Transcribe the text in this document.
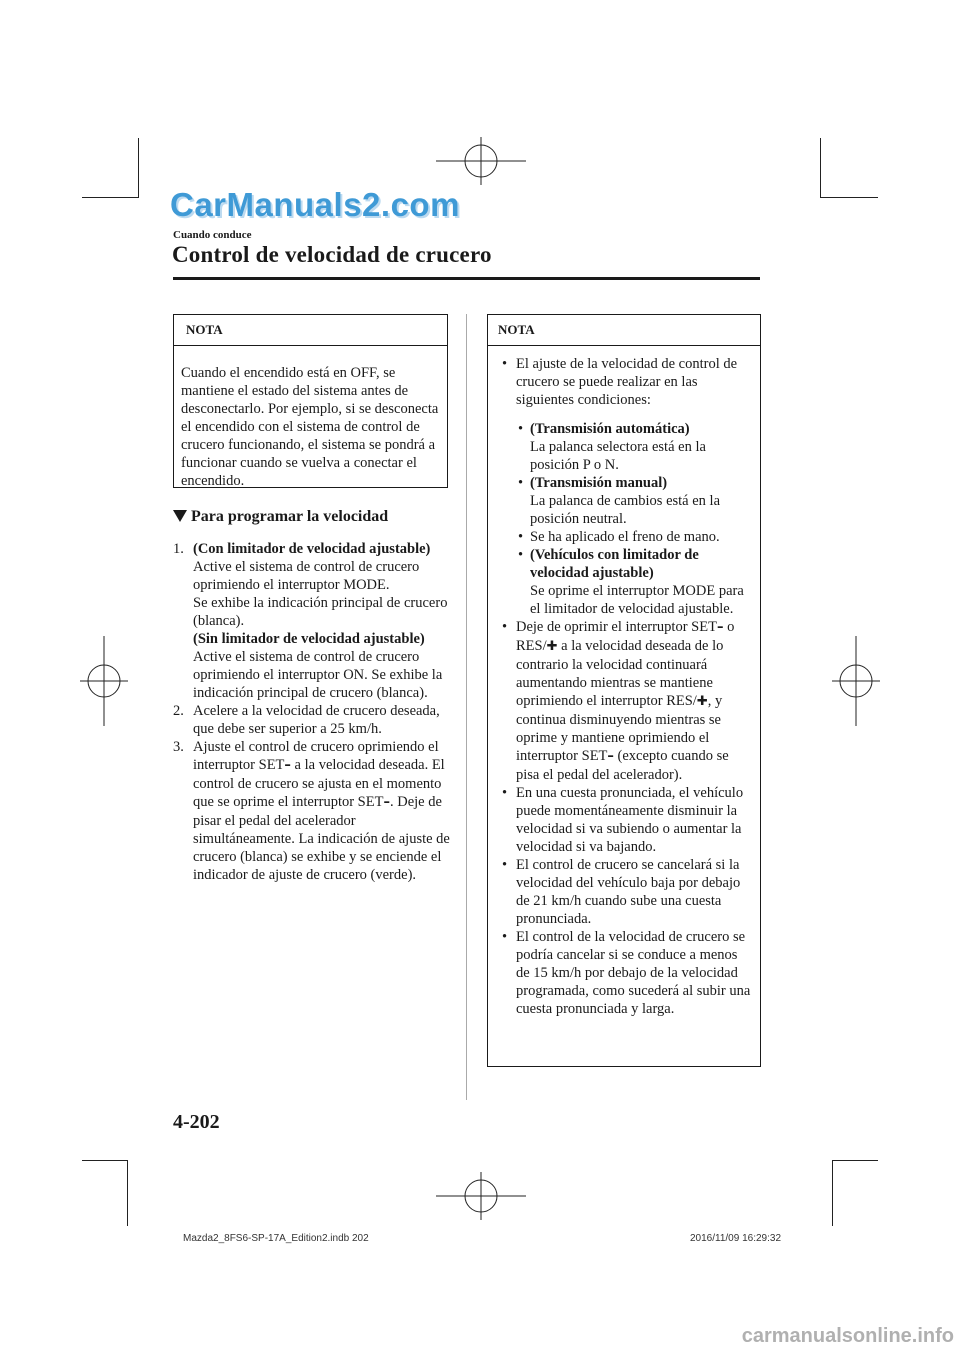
CarManuals2.com
Cuando conduce
Control de velocidad de crucero
NOTA
Cuando el encendido está en OFF, se mantiene el estado del sistema antes de desconectarlo. Por ejemplo, si se desconecta el encendido con el sistema de control de crucero funcionando, el sistema se pondrá a funcionar cuando se vuelva a conectar el encendido.
Para programar la velocidad
1. (Con limitador de velocidad ajustable)
Active el sistema de control de crucero oprimiendo el interruptor MODE.
Se exhibe la indicación principal de crucero (blanca).
(Sin limitador de velocidad ajustable)
Active el sistema de control de crucero oprimiendo el interruptor ON. Se exhibe la indicación principal de crucero (blanca).
2. Acelere a la velocidad de crucero deseada, que debe ser superior a 25 km/h.
3. Ajuste el control de crucero oprimiendo el interruptor SET– a la velocidad deseada. El control de crucero se ajusta en el momento que se oprime el interruptor SET–. Deje de pisar el pedal del acelerador simultáneamente. La indicación de ajuste de crucero (blanca) se exhibe y se enciende el indicador de ajuste de crucero (verde).
NOTA
• El ajuste de la velocidad de control de crucero se puede realizar en las siguientes condiciones:
• (Transmisión automática)
La palanca selectora está en la posición P o N.
• (Transmisión manual)
La palanca de cambios está en la posición neutral.
• Se ha aplicado el freno de mano.
• (Vehículos con limitador de velocidad ajustable)
Se oprime el interruptor MODE para el limitador de velocidad ajustable.
• Deje de oprimir el interruptor SET– o RES/✚ a la velocidad deseada de lo contrario la velocidad continuará aumentando mientras se mantiene oprimiendo el interruptor RES/✚, y continua disminuyendo mientras se oprime y mantiene oprimiendo el interruptor SET– (excepto cuando se pisa el pedal del acelerador).
• En una cuesta pronunciada, el vehículo puede momentáneamente disminuir la velocidad si va subiendo o aumentar la velocidad si va bajando.
• El control de crucero se cancelará si la velocidad del vehículo baja por debajo de 21 km/h cuando sube una cuesta pronunciada.
• El control de la velocidad de crucero se podría cancelar si se conduce a menos de 15 km/h por debajo de la velocidad programada, como sucederá al subir una cuesta pronunciada y larga.
4-202
Mazda2_8FS6-SP-17A_Edition2.indb 202	2016/11/09 16:29:32
carmanualsonline.info
